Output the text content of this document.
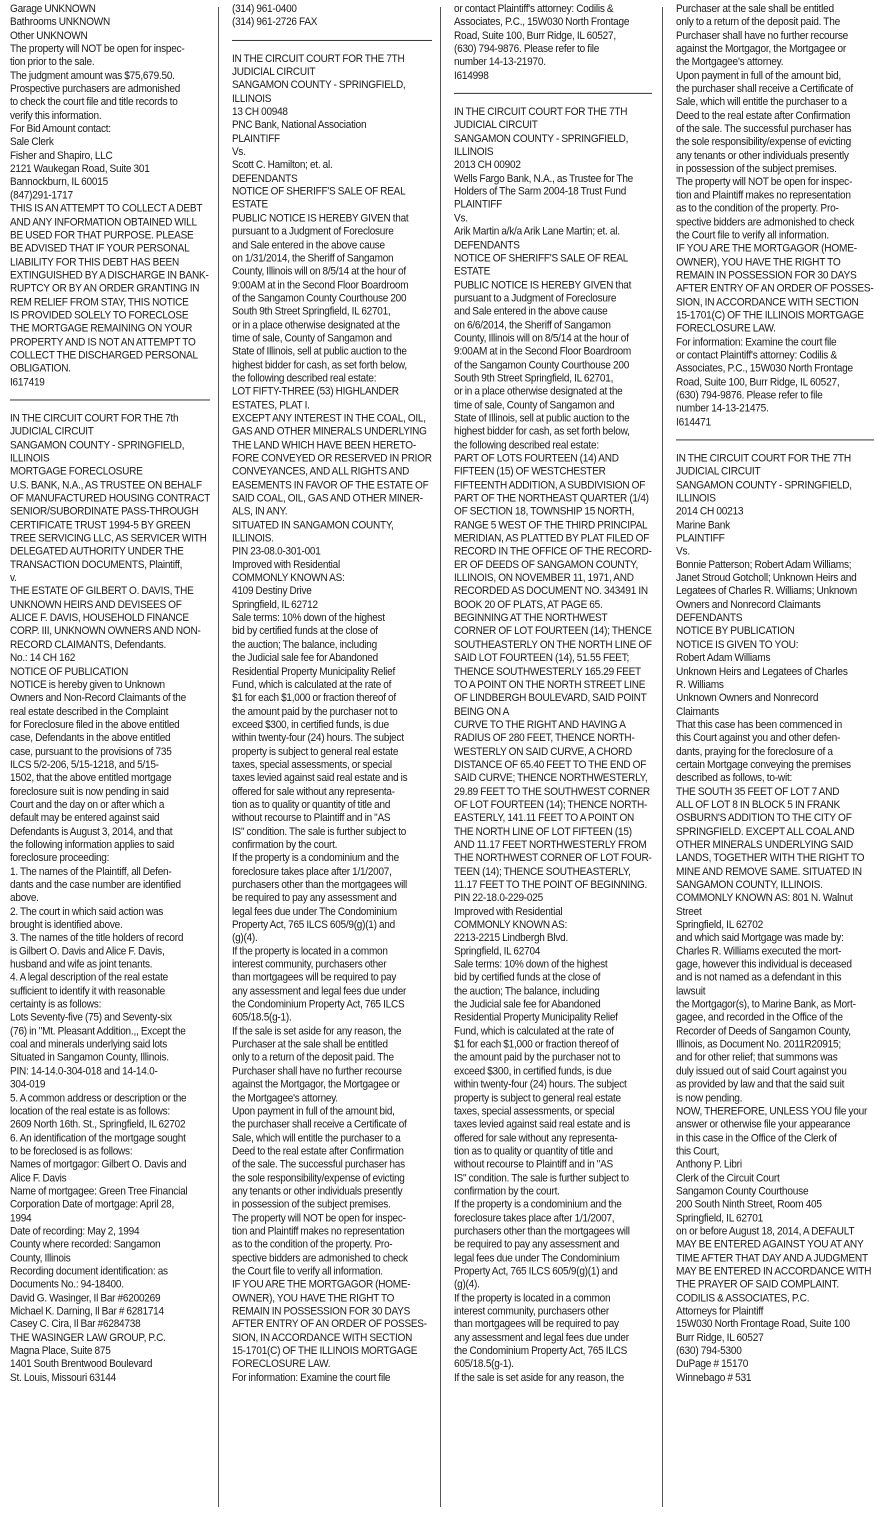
Garage UNKNOWN
Bathrooms UNKNOWN
Other UNKNOWN
The property will NOT be open for inspec-
tion prior to the sale.
The judgment amount was $75,679.50.
Prospective purchasers are admonished
to check the court file and title records to
verify this information.
For Bid Amount contact:
Sale Clerk
Fisher and Shapiro, LLC
2121 Waukegan Road, Suite 301
Bannockburn, IL 60015
(847)291-1717
THIS IS AN ATTEMPT TO COLLECT A DEBT
AND ANY INFORMATION OBTAINED WILL
BE USED FOR THAT PURPOSE. PLEASE
BE ADVISED THAT IF YOUR PERSONAL
LIABILITY FOR THIS DEBT HAS BEEN
EXTINGUISHED BY A DISCHARGE IN BANK-
RUPTCY OR BY AN ORDER GRANTING IN
REM RELIEF FROM STAY, THIS NOTICE
IS PROVIDED SOLELY TO FORECLOSE
THE MORTGAGE REMAINING ON YOUR
PROPERTY AND IS NOT AN ATTEMPT TO
COLLECT THE DISCHARGED PERSONAL
OBLIGATION.
I617419
IN THE CIRCUIT COURT FOR THE 7th
JUDICIAL CIRCUIT
SANGAMON COUNTY - SPRINGFIELD,
ILLINOIS
MORTGAGE FORECLOSURE
U.S. BANK, N.A., AS TRUSTEE ON BEHALF
OF MANUFACTURED HOUSING CONTRACT
SENIOR/SUBORDINATE PASS-THROUGH
CERTIFICATE TRUST 1994-5 BY GREEN
TREE SERVICING LLC, AS SERVICER WITH
DELEGATED AUTHORITY UNDER THE
TRANSACTION DOCUMENTS, Plaintiff,
v.
THE ESTATE OF GILBERT O. DAVIS, THE
UNKNOWN HEIRS AND DEVISEES OF
ALICE F. DAVIS, HOUSEHOLD FINANCE
CORP. III, UNKNOWN OWNERS AND NON-
RECORD CLAIMANTS, Defendants.
No.: 14 CH 162
NOTICE OF PUBLICATION
NOTICE is hereby given to Unknown
Owners and Non-Record Claimants of the
real estate described in the Complaint
for Foreclosure filed in the above entitled
case, Defendants in the above entitled
case, pursuant to the provisions of 735
ILCS 5/2-206, 5/15-1218, and 5/15-
1502, that the above entitled mortgage
foreclosure suit is now pending in said
Court and the day on or after which a
default may be entered against said
Defendants is August 3, 2014, and that
the following information applies to said
foreclosure proceeding:
1. The names of the Plaintiff, all Defen-
dants and the case number are identified
above.
2. The court in which said action was
brought is identified above.
3. The names of the title holders of record
is Gilbert O. Davis and Alice F. Davis,
husband and wife as joint tenants.
4. A legal description of the real estate
sufficient to identify it with reasonable
certainty is as follows:
Lots Seventy-five (75) and Seventy-six
(76) in "Mt. Pleasant Addition.,, Except the
coal and minerals underlying said lots
Situated in Sangamon County, Illinois.
PIN: 14-14.0-304-018 and 14-14.0-
304-019
5. A common address or description or the
location of the real estate is as follows:
2609 North 16th. St., Springfield, IL 62702
6. An identification of the mortgage sought
to be foreclosed is as follows:
Names of mortgagor: Gilbert O. Davis and
Alice F. Davis
Name of mortgagee: Green Tree Financial
Corporation Date of mortgage: April 28,
1994
Date of recording: May 2, 1994
County where recorded: Sangamon
County, Illinois
Recording document identification: as
Documents No.: 94-18400.
David G. Wasinger, Il Bar #6200269
Michael K. Darning, Il Bar # 6281714
Casey C. Cira, Il Bar #6284738
THE WASINGER LAW GROUP, P.C.
Magna Place, Suite 875
1401 South Brentwood Boulevard
St. Louis, Missouri 63144
(314) 961-0400
(314) 961-2726 FAX
IN THE CIRCUIT COURT FOR THE 7TH
JUDICIAL CIRCUIT
SANGAMON COUNTY - SPRINGFIELD,
ILLINOIS
13 CH 00948
PNC Bank, National Association
PLAINTIFF
Vs.
Scott C. Hamilton; et. al.
DEFENDANTS
NOTICE OF SHERIFF'S SALE OF REAL
ESTATE
PUBLIC NOTICE IS HEREBY GIVEN that
pursuant to a Judgment of Foreclosure
and Sale entered in the above cause
on 1/31/2014, the Sheriff of Sangamon
County, Illinois will on 8/5/14 at the hour of
9:00AM at in the Second Floor Boardroom
of the Sangamon County Courthouse 200
South 9th Street Springfield, IL 62701,
or in a place otherwise designated at the
time of sale, County of Sangamon and
State of Illinois, sell at public auction to the
highest bidder for cash, as set forth below,
the following described real estate:
LOT FIFTY-THREE (53) HIGHLANDER
ESTATES, PLAT I.
EXCEPT ANY INTEREST IN THE COAL, OIL,
GAS AND OTHER MINERALS UNDERLYING
THE LAND WHICH HAVE BEEN HERETO-
FORE CONVEYED OR RESERVED IN PRIOR
CONVEYANCES, AND ALL RIGHTS AND
EASEMENTS IN FAVOR OF THE ESTATE OF
SAID COAL, OIL, GAS AND OTHER MINER-
ALS, IN ANY.
SITUATED IN SANGAMON COUNTY,
ILLINOIS.
PIN 23-08.0-301-001
Improved with Residential
COMMONLY KNOWN AS:
4109 Destiny Drive
Springfield, IL 62712
Sale terms: 10% down of the highest
bid by certified funds at the close of
the auction; The balance, including
the Judicial sale fee for Abandoned
Residential Property Municipality Relief
Fund, which is calculated at the rate of
$1 for each $1,000 or fraction thereof of
the amount paid by the purchaser not to
exceed $300, in certified funds, is due
within twenty-four (24) hours. The subject
property is subject to general real estate
taxes, special assessments, or special
taxes levied against said real estate and is
offered for sale without any representa-
tion as to quality or quantity of title and
without recourse to Plaintiff and in "AS
IS" condition. The sale is further subject to
confirmation by the court.
If the property is a condominium and the
foreclosure takes place after 1/1/2007,
purchasers other than the mortgagees will
be required to pay any assessment and
legal fees due under The Condominium
Property Act, 765 ILCS 605/9(g)(1) and
(g)(4).
If the property is located in a common
interest community, purchasers other
than mortgagees will be required to pay
any assessment and legal fees due under
the Condominium Property Act, 765 ILCS
605/18.5(g-1).
If the sale is set aside for any reason, the
Purchaser at the sale shall be entitled
only to a return of the deposit paid. The
Purchaser shall have no further recourse
against the Mortgagor, the Mortgagee or
the Mortgagee's attorney.
Upon payment in full of the amount bid,
the purchaser shall receive a Certificate of
Sale, which will entitle the purchaser to a
Deed to the real estate after Confirmation
of the sale. The successful purchaser has
the sole responsibility/expense of evicting
any tenants or other individuals presently
in possession of the subject premises.
The property will NOT be open for inspec-
tion and Plaintiff makes no representation
as to the condition of the property. Pro-
spective bidders are admonished to check
the Court file to verify all information.
IF YOU ARE THE MORTGAGOR (HOME-
OWNER), YOU HAVE THE RIGHT TO
REMAIN IN POSSESSION FOR 30 DAYS
AFTER ENTRY OF AN ORDER OF POSSES-
SION, IN ACCORDANCE WITH SECTION
15-1701(C) OF THE ILLINOIS MORTGAGE
FORECLOSURE LAW.
For information: Examine the court file
or contact Plaintiff's attorney: Codilis &
Associates, P.C., 15W030 North Frontage
Road, Suite 100, Burr Ridge, IL 60527,
(630) 794-9876. Please refer to file
number 14-13-21970.
I614998
IN THE CIRCUIT COURT FOR THE 7TH
JUDICIAL CIRCUIT
SANGAMON COUNTY - SPRINGFIELD,
ILLINOIS
2013 CH 00902
Wells Fargo Bank, N.A., as Trustee for The
Holders of The Sarm 2004-18 Trust Fund
PLAINTIFF
Vs.
Arik Martin a/k/a Arik Lane Martin; et. al.
DEFENDANTS
NOTICE OF SHERIFF'S SALE OF REAL
ESTATE
PUBLIC NOTICE IS HEREBY GIVEN that
pursuant to a Judgment of Foreclosure
and Sale entered in the above cause
on 6/6/2014, the Sheriff of Sangamon
County, Illinois will on 8/5/14 at the hour of
9:00AM at in the Second Floor Boardroom
of the Sangamon County Courthouse 200
South 9th Street Springfield, IL 62701,
or in a place otherwise designated at the
time of sale, County of Sangamon and
State of Illinois, sell at public auction to the
highest bidder for cash, as set forth below,
the following described real estate:
PART OF LOTS FOURTEEN (14) AND
FIFTEEN (15) OF WESTCHESTER
FIFTEENTH ADDITION, A SUBDIVISION OF
PART OF THE NORTHEAST QUARTER (1/4)
OF SECTION 18, TOWNSHIP 15 NORTH,
RANGE 5 WEST OF THE THIRD PRINCIPAL
MERIDIAN, AS PLATTED BY PLAT FILED OF
RECORD IN THE OFFICE OF THE RECORD-
ER OF DEEDS OF SANGAMON COUNTY,
ILLINOIS, ON NOVEMBER 11, 1971, AND
RECORDED AS DOCUMENT NO. 343491 IN
BOOK 20 OF PLATS, AT PAGE 65.
BEGINNING AT THE NORTHWEST
CORNER OF LOT FOURTEEN (14); THENCE
SOUTHEASTERLY ON THE NORTH LINE OF
SAID LOT FOURTEEN (14), 51.55 FEET;
THENCE SOUTHWESTERLY 165.29 FEET
TO A POINT ON THE NORTH STREET LINE
OF LINDBERGH BOULEVARD, SAID POINT
BEING ON A
CURVE TO THE RIGHT AND HAVING A
RADIUS OF 280 FEET, THENCE NORTH-
WESTERLY ON SAID CURVE, A CHORD
DISTANCE OF 65.40 FEET TO THE END OF
SAID CURVE; THENCE NORTHWESTERLY,
29.89 FEET TO THE SOUTHWEST CORNER
OF LOT FOURTEEN (14); THENCE NORTH-
EASTERLY, 141.11 FEET TO A POINT ON
THE NORTH LINE OF LOT FIFTEEN (15)
AND 11.17 FEET NORTHWESTERLY FROM
THE NORTHWEST CORNER OF LOT FOUR-
TEEN (14); THENCE SOUTHEASTERLY,
11.17 FEET TO THE POINT OF BEGINNING.
PIN 22-18.0-229-025
Improved with Residential
COMMONLY KNOWN AS:
2213-2215 Lindbergh Blvd.
Springfield, IL 62704
Sale terms: 10% down of the highest
bid by certified funds at the close of
the auction; The balance, including
the Judicial sale fee for Abandoned
Residential Property Municipality Relief
Fund, which is calculated at the rate of
$1 for each $1,000 or fraction thereof of
the amount paid by the purchaser not to
exceed $300, in certified funds, is due
within twenty-four (24) hours. The subject
property is subject to general real estate
taxes, special assessments, or special
taxes levied against said real estate and is
offered for sale without any representa-
tion as to quality or quantity of title and
without recourse to Plaintiff and in "AS
IS" condition. The sale is further subject to
confirmation by the court.
If the property is a condominium and the
foreclosure takes place after 1/1/2007,
purchasers other than the mortgagees will
be required to pay any assessment and
legal fees due under The Condominium
Property Act, 765 ILCS 605/9(g)(1) and
(g)(4).
If the property is located in a common
interest community, purchasers other
than mortgagees will be required to pay
any assessment and legal fees due under
the Condominium Property Act, 765 ILCS
605/18.5(g-1).
If the sale is set aside for any reason, the
Purchaser at the sale shall be entitled
only to a return of the deposit paid. The
Purchaser shall have no further recourse
against the Mortgagor, the Mortgagee or
the Mortgagee's attorney.
Upon payment in full of the amount bid,
the purchaser shall receive a Certificate of
Sale, which will entitle the purchaser to a
Deed to the real estate after Confirmation
of the sale. The successful purchaser has
the sole responsibility/expense of evicting
any tenants or other individuals presently
in possession of the subject premises.
The property will NOT be open for inspec-
tion and Plaintiff makes no representation
as to the condition of the property. Pro-
spective bidders are admonished to check
the Court file to verify all information.
IF YOU ARE THE MORTGAGOR (HOME-
OWNER), YOU HAVE THE RIGHT TO
REMAIN IN POSSESSION FOR 30 DAYS
AFTER ENTRY OF AN ORDER OF POSSES-
SION, IN ACCORDANCE WITH SECTION
15-1701(C) OF THE ILLINOIS MORTGAGE
FORECLOSURE LAW.
For information: Examine the court file
or contact Plaintiff's attorney: Codilis &
Associates, P.C., 15W030 North Frontage
Road, Suite 100, Burr Ridge, IL 60527,
(630) 794-9876. Please refer to file
number 14-13-21475.
I614471
IN THE CIRCUIT COURT FOR THE 7TH
JUDICIAL CIRCUIT
SANGAMON COUNTY - SPRINGFIELD,
ILLINOIS
2014 CH 00213
Marine Bank
PLAINTIFF
Vs.
Bonnie Patterson; Robert Adam Williams;
Janet Stroud Gotcholl; Unknown Heirs and
Legatees of Charles R. Williams; Unknown
Owners and Nonrecord Claimants
DEFENDANTS
NOTICE BY PUBLICATION
NOTICE IS GIVEN TO YOU:
Robert Adam Williams
Unknown Heirs and Legatees of Charles
R. Williams
Unknown Owners and Nonrecord
Claimants
That this case has been commenced in
this Court against you and other defen-
dants, praying for the foreclosure of a
certain Mortgage conveying the premises
described as follows, to-wit:
THE SOUTH 35 FEET OF LOT 7 AND
ALL OF LOT 8 IN BLOCK 5 IN FRANK
OSBURN'S ADDITION TO THE CITY OF
SPRINGFIELD. EXCEPT ALL COAL AND
OTHER MINERALS UNDERLYING SAID
LANDS, TOGETHER WITH THE RIGHT TO
MINE AND REMOVE SAME. SITUATED IN
SANGAMON COUNTY, ILLINOIS.
COMMONLY KNOWN AS: 801 N. Walnut
Street
Springfield, IL 62702
and which said Mortgage was made by:
Charles R. Williams executed the mort-
gage, however this individual is deceased
and is not named as a defendant in this
lawsuit
the Mortgagor(s), to Marine Bank, as Mort-
gagee, and recorded in the Office of the
Recorder of Deeds of Sangamon County,
Illinois, as Document No. 2011R20915;
and for other relief; that summons was
duly issued out of said Court against you
as provided by law and that the said suit
is now pending.
NOW, THEREFORE, UNLESS YOU file your
answer or otherwise file your appearance
in this case in the Office of the Clerk of
this Court,
Anthony P. Libri
Clerk of the Circuit Court
Sangamon County Courthouse
200 South Ninth Street, Room 405
Springfield, IL 62701
on or before August 18, 2014, A DEFAULT
MAY BE ENTERED AGAINST YOU AT ANY
TIME AFTER THAT DAY AND A JUDGMENT
MAY BE ENTERED IN ACCORDANCE WITH
THE PRAYER OF SAID COMPLAINT.
CODILIS & ASSOCIATES, P.C.
Attorneys for Plaintiff
15W030 North Frontage Road, Suite 100
Burr Ridge, IL 60527
(630) 794-5300
DuPage # 15170
Winnebago # 531
